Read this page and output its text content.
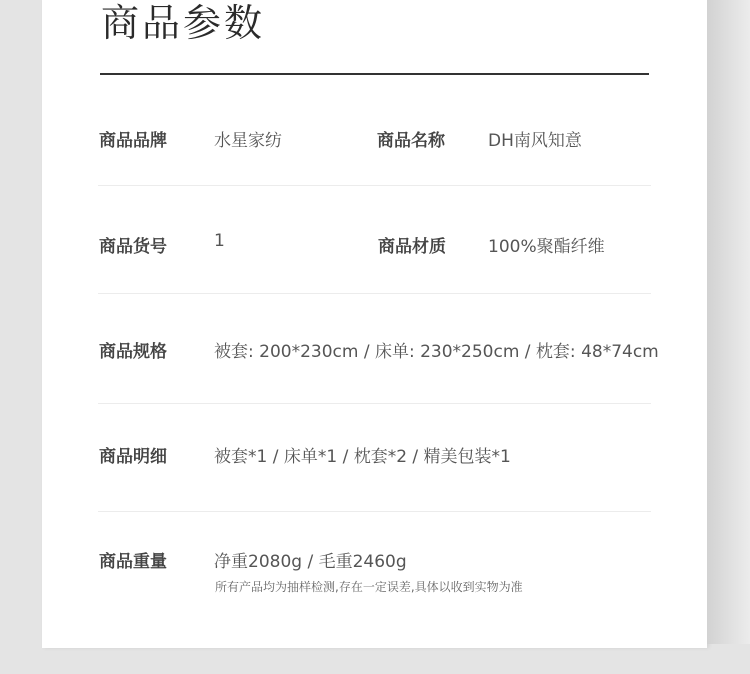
商品参数
商品品牌	水星家纺	商品名称	DH南风知意
商品货号	1	商品材质 100%聚酯纤维
商品规格	被套: 200*230cm / 床单: 230*250cm / 枕套: 48*74cm
商品明细	被套*1 / 床单*1 / 枕套*2 / 精美包装*1
商品重量	净重2080g / 毛重2460g
所有产品均为抽样检测,存在一定误差,具体以收到实物为准
